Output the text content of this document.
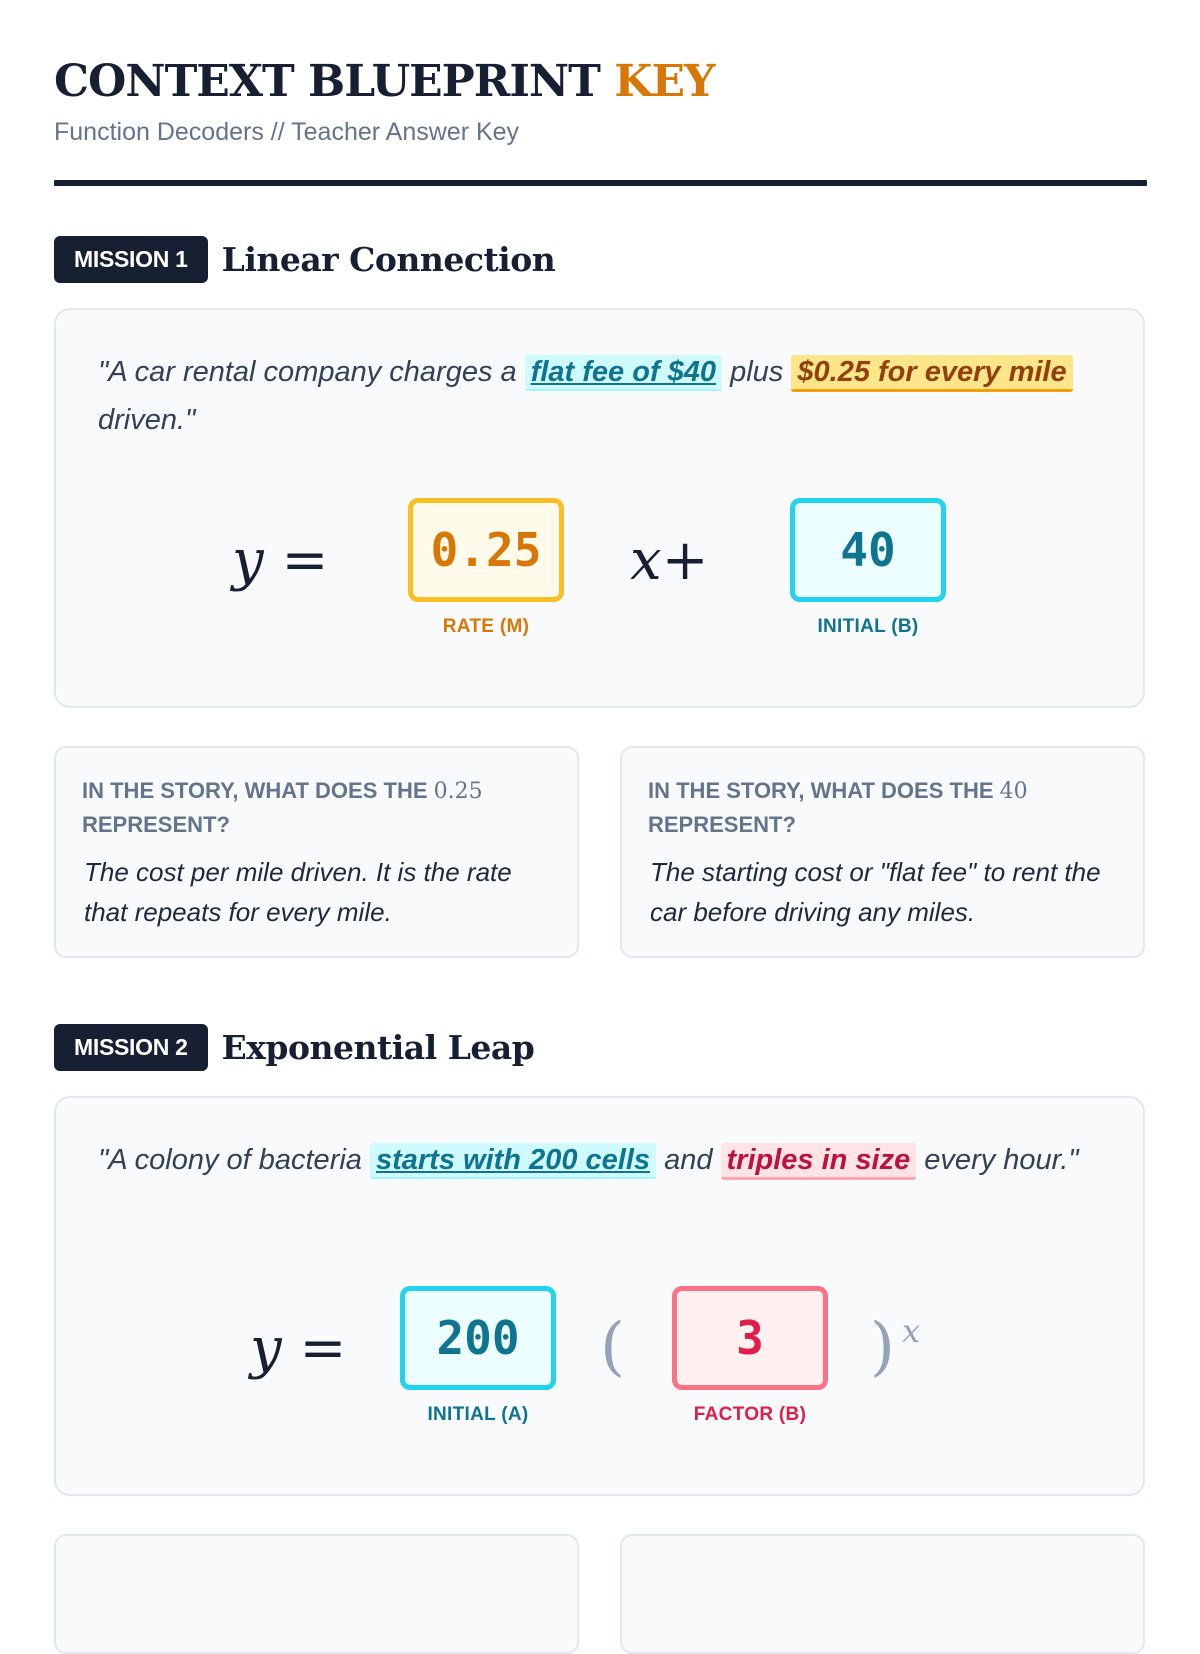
CONTEXT BLUEPRINT KEY
Function Decoders // Teacher Answer Key
MISSION 1	Linear Connection

"A car rental company charges a flat fee of $40 plus $0.25 for every mile driven."

y =	0.25
RATE (M)
x+	40
INITIAL (B)

IN THE STORY, WHAT DOES THE 0.25 REPRESENT?

The cost per mile driven. It is the rate that repeats for every mile.

IN THE STORY, WHAT DOES THE 40 REPRESENT?

The starting cost or "flat fee" to rent the car before driving any miles.

MISSION 2	Exponential Leap

"A colony of bacteria starts with 200 cells and triples in size every hour."

y =	200
INITIAL (A)
(	3
FACTOR (B)
) x
